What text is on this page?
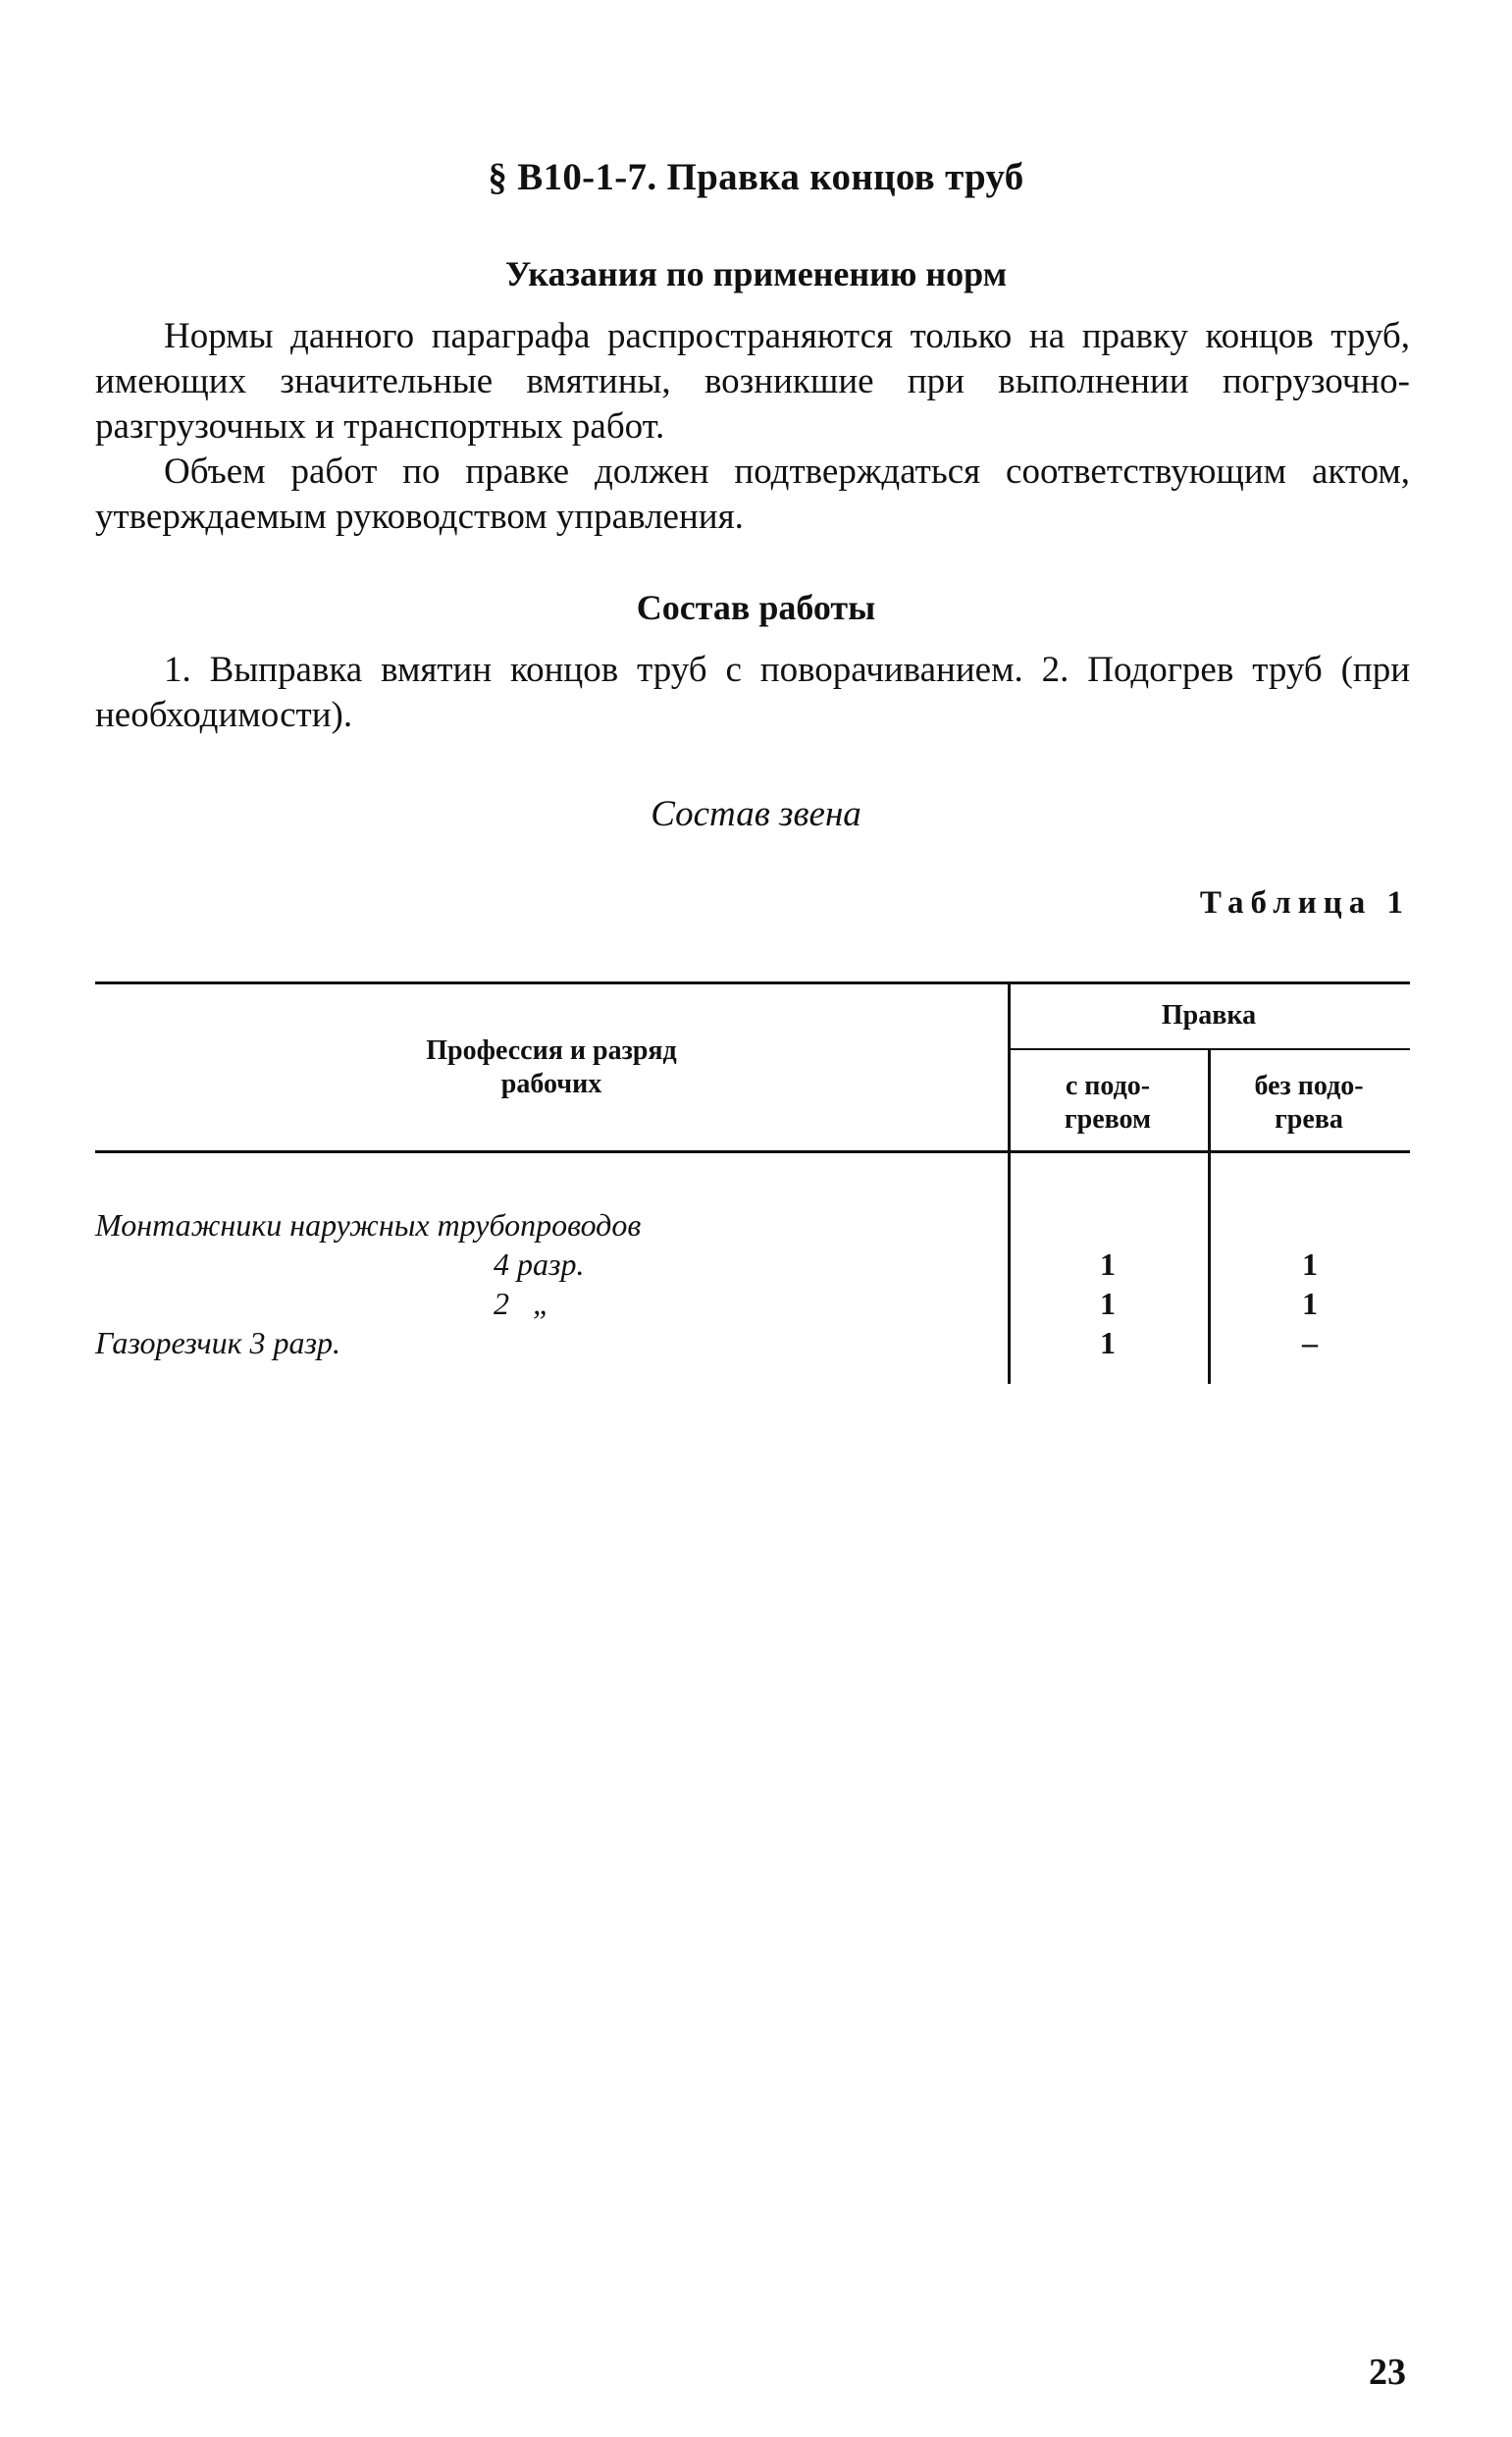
§ В10-1-7. Правка концов труб
Указания по применению норм

Нормы данного параграфа распространяются только на правку концов труб, имеющих значительные вмятины, возникшие при выполнении погрузочно-разгрузочных и транспортных работ.

Объем работ по правке должен подтверждаться соответствующим актом, утверждаемым руководством управления.

Состав работы

1. Выправка вмятин концов труб с поворачиванием. 2. Подогрев труб (при необходимости).

Состав звена
Таблица 1
Профессия и разряд
рабочих
Правка
с подо-
гревом
без подо-
грева
Монтажники наружных трубопроводов
4 разр.	1	1
2   „	1	1
Газорезчик 3 разр.	1	–
23
